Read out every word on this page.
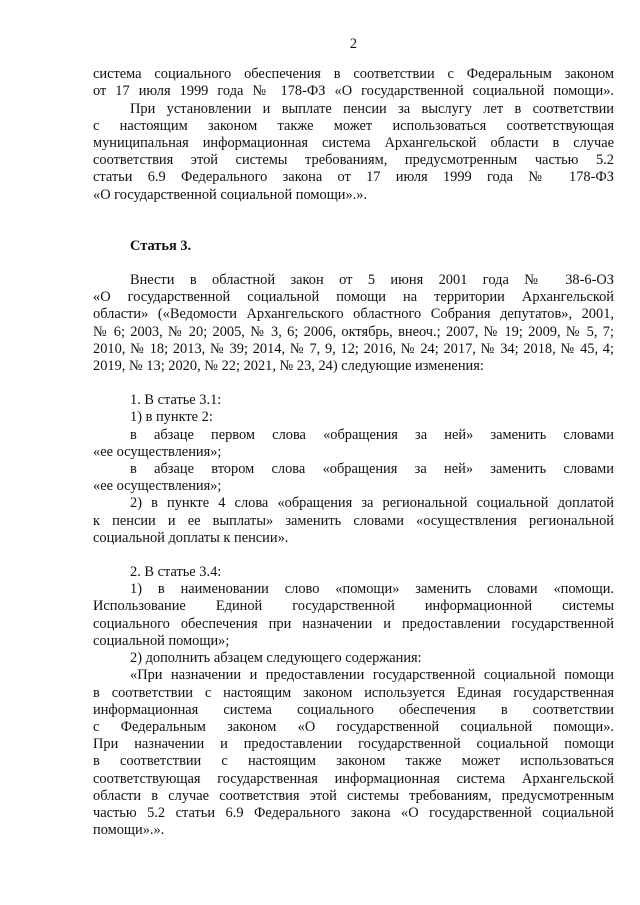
2

система социального обеспечения в соответствии с Федеральным законом

от 17 июля 1999 года № 178-ФЗ «О государственной социальной помощи».

При установлении и выплате пенсии за выслугу лет в соответствии

с настоящим законом также может использоваться соответствующая

муниципальная информационная система Архангельской области в случае

соответствия этой системы требованиям, предусмотренным частью 5.2

статьи 6.9 Федерального закона от 17 июля 1999 года № 178-ФЗ

«О государственной социальной помощи».».

Статья 3.

Внести в областной закон от 5 июня 2001 года № 38-6-ОЗ

«О государственной социальной помощи на территории Архангельской

области» («Ведомости Архангельского областного Собрания депутатов», 2001,

№ 6; 2003, № 20; 2005, № 3, 6; 2006, октябрь, внеоч.; 2007, № 19; 2009, № 5, 7;

2010, № 18; 2013, № 39; 2014, № 7, 9, 12; 2016, № 24; 2017, № 34; 2018, № 45, 4;

2019, № 13; 2020, № 22; 2021, № 23, 24) следующие изменения:

1. В статье 3.1:

1) в пункте 2:

в абзаце первом слова «обращения за ней» заменить словами

«ее осуществления»;

в абзаце втором слова «обращения за ней» заменить словами

«ее осуществления»;

2) в пункте 4 слова «обращения за региональной социальной доплатой

к пенсии и ее выплаты» заменить словами «осуществления региональной

социальной доплаты к пенсии».

2. В статье 3.4:

1) в наименовании слово «помощи» заменить словами «помощи.

Использование Единой государственной информационной системы

социального обеспечения при назначении и предоставлении государственной

социальной помощи»;

2) дополнить абзацем следующего содержания:

«При назначении и предоставлении государственной социальной помощи

в соответствии с настоящим законом используется Единая государственная

информационная система социального обеспечения в соответствии

с Федеральным законом «О государственной социальной помощи».

При назначении и предоставлении государственной социальной помощи

в соответствии с настоящим законом также может использоваться

соответствующая государственная информационная система Архангельской

области в случае соответствия этой системы требованиям, предусмотренным

частью 5.2 статьи 6.9 Федерального закона «О государственной социальной

помощи».».
